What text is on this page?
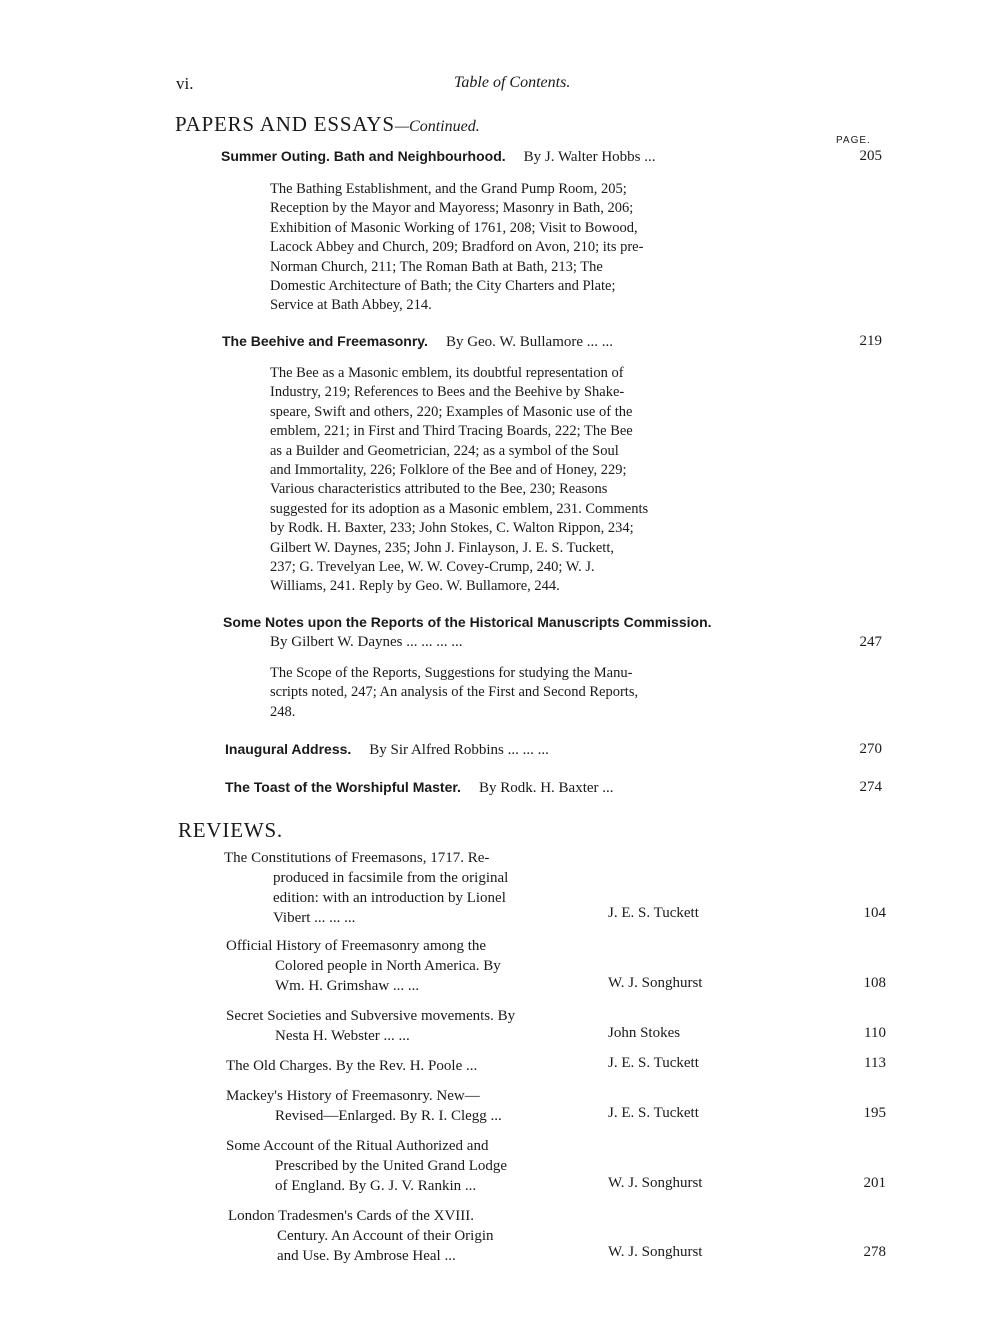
vi.	Table of Contents.
PAPERS AND ESSAYS—Continued.
PAGE.
Summer Outing. Bath and Neighbourhood. By J. Walter Hobbs ...	205
The Bathing Establishment, and the Grand Pump Room, 205;
Reception by the Mayor and Mayoress; Masonry in Bath, 206;
Exhibition of Masonic Working of 1761, 208; Visit to Bowood,
Lacock Abbey and Church, 209; Bradford on Avon, 210; its pre-
Norman Church, 211; The Roman Bath at Bath, 213; The
Domestic Architecture of Bath; the City Charters and Plate;
Service at Bath Abbey, 214.
The Beehive and Freemasonry. By Geo. W. Bullamore ... ...	219
The Bee as a Masonic emblem, its doubtful representation of
Industry, 219; References to Bees and the Beehive by Shake-
speare, Swift and others, 220; Examples of Masonic use of the
emblem, 221; in First and Third Tracing Boards, 222; The Bee
as a Builder and Geometrician, 224; as a symbol of the Soul
and Immortality, 226; Folklore of the Bee and of Honey, 229;
Various characteristics attributed to the Bee, 230; Reasons
suggested for its adoption as a Masonic emblem, 231. Comments
by Rodk. H. Baxter, 233; John Stokes, C. Walton Rippon, 234;
Gilbert W. Daynes, 235; John J. Finlayson, J. E. S. Tuckett,
237; G. Trevelyan Lee, W. W. Covey-Crump, 240; W. J.
Williams, 241. Reply by Geo. W. Bullamore, 244.
Some Notes upon the Reports of the Historical Manuscripts Commission.
By Gilbert W. Daynes ... ... ... ...	247
The Scope of the Reports, Suggestions for studying the Manu-
scripts noted, 247; An analysis of the First and Second Reports,
248.
Inaugural Address. By Sir Alfred Robbins ... ... ...	270
The Toast of the Worshipful Master. By Rodk. H. Baxter ...	274
REVIEWS.
The Constitutions of Freemasons, 1717. Re-
produced in facsimile from the original
edition: with an introduction by Lionel
Vibert ... ... ...	J. E. S. Tuckett	104
Official History of Freemasonry among the
Colored people in North America. By
Wm. H. Grimshaw ... ...	W. J. Songhurst	108
Secret Societies and Subversive movements. By
Nesta H. Webster ... ...	John Stokes	110
The Old Charges. By the Rev. H. Poole ...	J. E. S. Tuckett	113
Mackey's History of Freemasonry. New—
Revised—Enlarged. By R. I. Clegg ...	J. E. S. Tuckett	195
Some Account of the Ritual Authorized and
Prescribed by the United Grand Lodge
of England. By G. J. V. Rankin ...	W. J. Songhurst	201
London Tradesmen's Cards of the XVIII.
Century. An Account of their Origin
and Use. By Ambrose Heal ...	W. J. Songhurst	278
